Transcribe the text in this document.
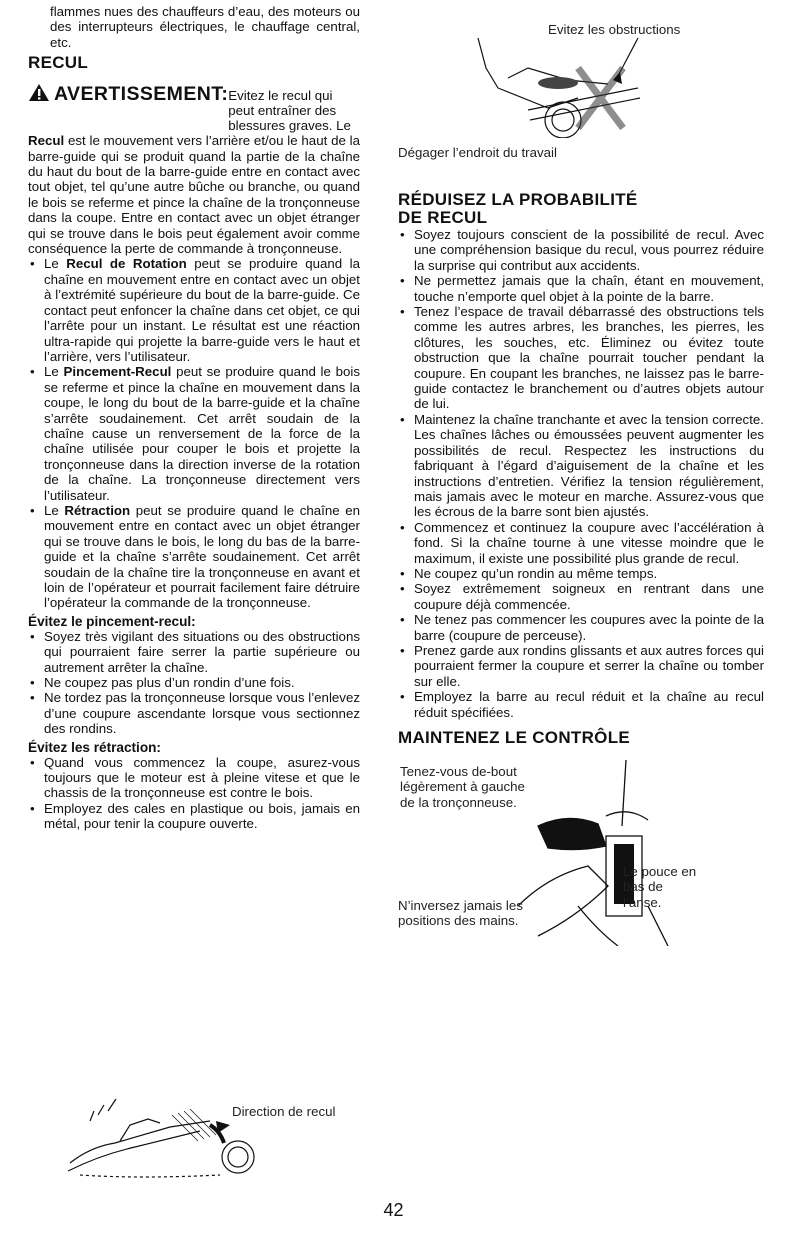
flammes nues des chauffeurs d’eau, des moteurs ou des interrupteurs électriques, le chauffage central, etc.

RECUL
AVERTISSEMENT: Evitez le recul qui peut entraîner des blessures graves. Le

Recul est le mouvement vers l’arrière et/ou le haut de la barre-guide qui se produit quand la partie de la chaîne du haut du bout de la barre-guide entre en contact avec tout objet, tel qu’une autre bûche ou branche, ou quand le bois se referme et pince la chaîne de la tronçonneuse dans la coupe. Entre en contact avec un objet étranger qui se trouve dans le bois peut également avoir comme conséquence la perte de commande à tronçonneuse.

• Le Recul de Rotation peut se produire quand la chaîne en mouvement entre en contact avec un objet à l’extrémité supérieure du bout de la barre-guide. Ce contact peut enfoncer la chaîne dans cet objet, ce qui l’arrête pour un instant. Le résultat est une réaction ultra-rapide qui projette la barre-guide vers le haut et l’arrière, vers l’utilisateur.
• Le Pincement-Recul peut se produire quand le bois se referme et pince la chaîne en mouvement dans la coupe, le long du bout de la barre-guide et la chaîne s’arrête soudainement. Cet arrêt soudain de la chaîne cause un renversement de la force de la chaîne utilisée pour couper le bois et projette la tronçonneuse dans la direction inverse de la rotation de la chaîne. La tronçonneuse directement vers l’utilisateur.
• Le Rétraction peut se produire quand le chaîne en mouvement entre en contact avec un objet étranger qui se trouve dans le bois, le long du bas de la barre-guide et la chaîne s’arrête soudainement. Cet arrêt soudain de la chaîne tire la tronçonneuse en avant et loin de l’opérateur et pourrait facilement faire détruire l’opérateur la commande de la tronçonneuse.
Évitez le pincement-recul:
• Soyez très vigilant des situations ou des obstructions qui pourraient faire serrer la partie supérieure ou autrement arrêter la chaîne.
• Ne coupez pas plus d’un rondin d’une fois.
• Ne tordez pas la tronçonneuse lorsque vous l’enlevez d’une coupure ascendante lorsque vous sectionnez des rondins.
Évitez les rétraction:
• Quand vous commencez la coupe, asurez-vous toujours que le moteur est à pleine vitese et que le chassis de la tronçonneuse est contre le bois.
• Employez des cales en plastique ou bois, jamais en métal, pour tenir la coupure ouverte.
Direction de recul
Evitez les obstructions
Dégager l’endroit du travail
RÉDUISEZ LA PROBABILITÉ
DE RECUL
• Soyez toujours conscient de la possibilité de recul. Avec une compréhension basique du recul, vous pourrez réduire la surprise qui contribut aux accidents.
• Ne permettez jamais que la chaîn, étant en mouvement, touche n’emporte quel objet à la pointe de la barre.
• Tenez l’espace de travail débarrassé des obstructions tels comme les autres arbres, les branches, les pierres, les clôtures, les souches, etc. Éliminez ou évitez toute obstruction que la chaîne pourrait toucher pendant la coupure. En coupant les branches, ne laissez pas le barre-guide contactez le branchement ou d’autres objets autour de lui.
• Maintenez la chaîne tranchante et avec la tension correcte. Les chaînes lâches ou émoussées peuvent augmenter les possibilités de recul. Respectez les instructions du fabriquant à l’égard d’aiguisement de la chaîne et les instructions d’entretien. Vérifiez la tension régulièrement, mais jamais avec le moteur en marche. Assurez-vous que les écrous de la barre sont bien ajustés.
• Commencez et continuez la coupure avec l’accélération à fond. Si la chaîne tourne à une vitesse moindre que le maximum, il existe une possibilité plus grande de recul.
• Ne coupez qu’un rondin au même temps.
• Soyez extrêmement soigneux en rentrant dans une coupure déjà commencée.
• Ne tenez pas commencer les coupures avec la pointe de la barre (coupure de perceuse).
• Prenez garde aux rondins glissants et aux autres forces qui pourraient fermer la coupure et serrer la chaîne ou tomber sur elle.
• Employez la barre au recul réduit et la chaîne au recul réduit spécifiées.
MAINTENEZ LE CONTRÔLE
Tenez-vous de-bout légèrement à gauche de la tronçonneuse.
Le pouce en bas de l’anse.
N’inversez jamais les positions des mains.
42
